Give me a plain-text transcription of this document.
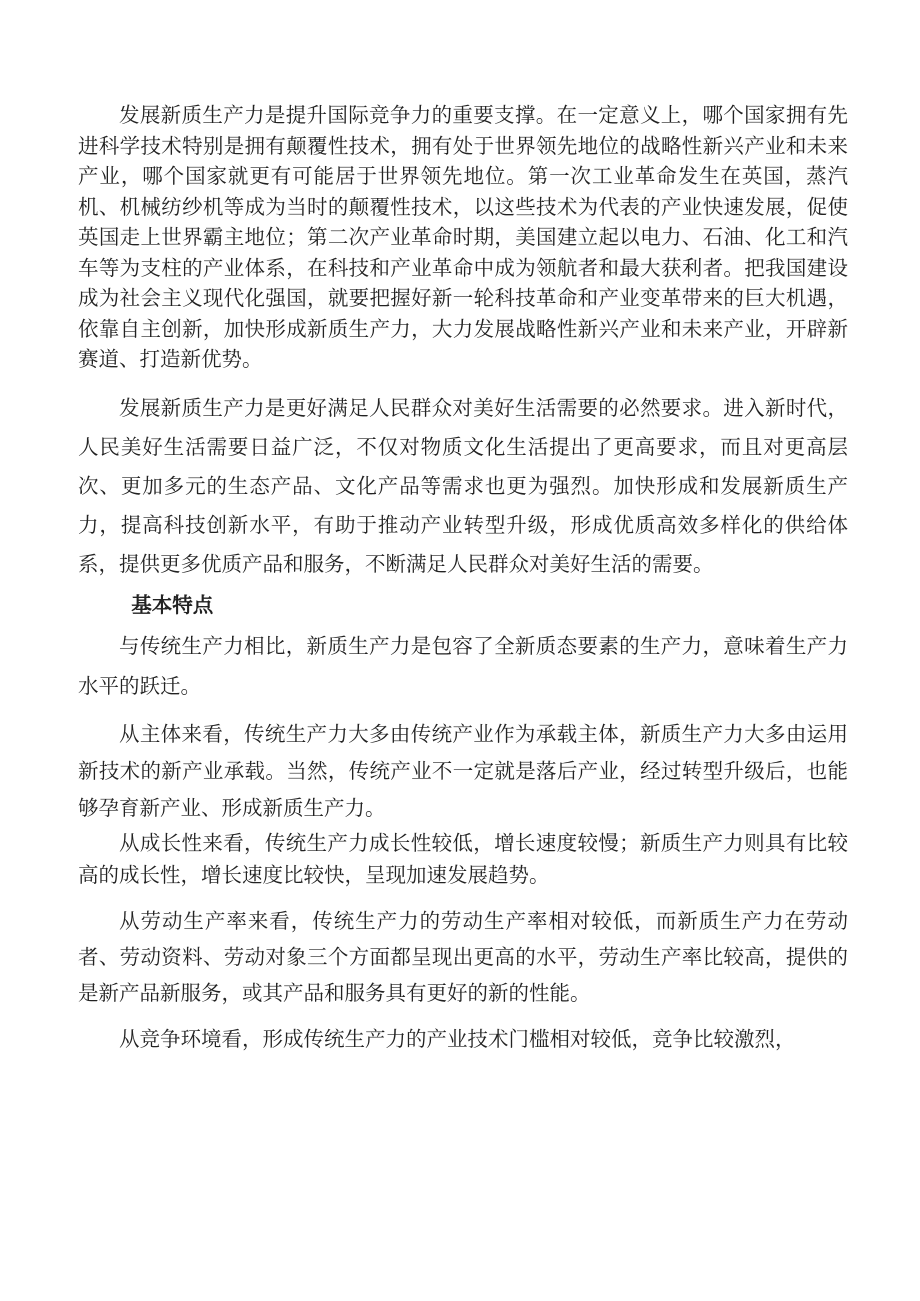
发展新质生产力是提升国际竞争力的重要支撑。在一定意义上，哪个国家拥有先进科学技术特别是拥有颠覆性技术，拥有处于世界领先地位的战略性新兴产业和未来产业，哪个国家就更有可能居于世界领先地位。第一次工业革命发生在英国，蒸汽机、机械纺纱机等成为当时的颠覆性技术，以这些技术为代表的产业快速发展，促使英国走上世界霸主地位；第二次产业革命时期，美国建立起以电力、石油、化工和汽车等为支柱的产业体系，在科技和产业革命中成为领航者和最大获利者。把我国建设成为社会主义现代化强国，就要把握好新一轮科技革命和产业变革带来的巨大机遇，依靠自主创新，加快形成新质生产力，大力发展战略性新兴产业和未来产业，开辟新赛道、打造新优势。

发展新质生产力是更好满足人民群众对美好生活需要的必然要求。进入新时代，人民美好生活需要日益广泛，不仅对物质文化生活提出了更高要求，而且对更高层次、更加多元的生态产品、文化产品等需求也更为强烈。加快形成和发展新质生产力，提高科技创新水平，有助于推动产业转型升级，形成优质高效多样化的供给体系，提供更多优质产品和服务，不断满足人民群众对美好生活的需要。

基本特点

与传统生产力相比，新质生产力是包容了全新质态要素的生产力，意味着生产力水平的跃迁。

从主体来看，传统生产力大多由传统产业作为承载主体，新质生产力大多由运用新技术的新产业承载。当然，传统产业不一定就是落后产业，经过转型升级后，也能够孕育新产业、形成新质生产力。

从成长性来看，传统生产力成长性较低，增长速度较慢；新质生产力则具有比较高的成长性，增长速度比较快，呈现加速发展趋势。

从劳动生产率来看，传统生产力的劳动生产率相对较低，而新质生产力在劳动者、劳动资料、劳动对象三个方面都呈现出更高的水平，劳动生产率比较高，提供的是新产品新服务，或其产品和服务具有更好的新的性能。

从竞争环境看，形成传统生产力的产业技术门槛相对较低，竞争比较激烈，
